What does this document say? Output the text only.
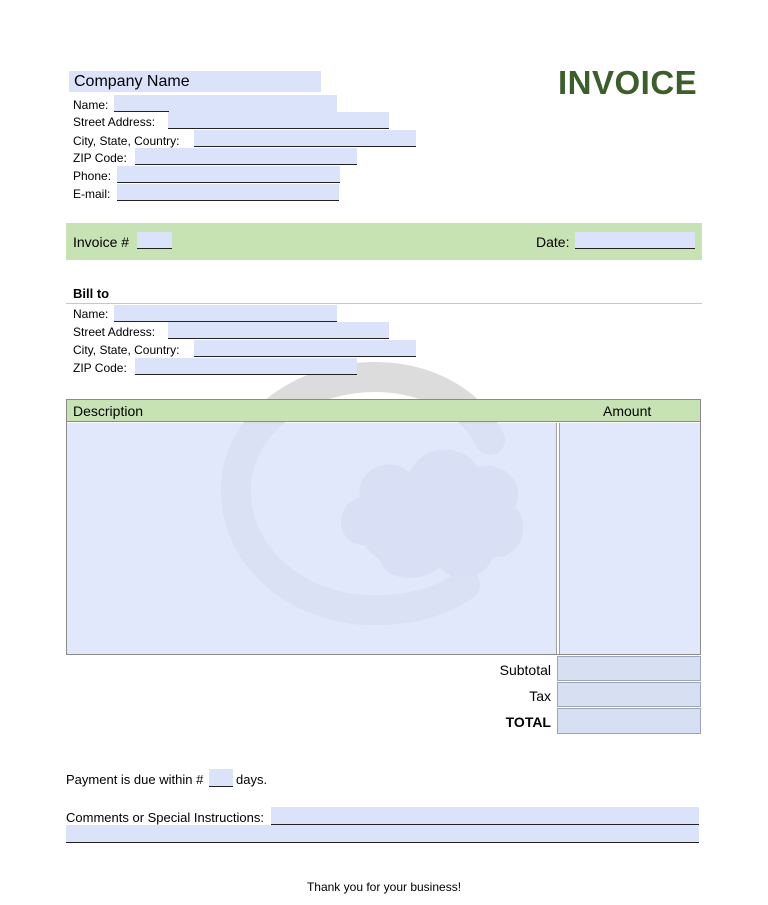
Company Name	INVOICE
Name:
Street Address:
City, State, Country:
ZIP Code:
Phone:
E-mail:
Invoice #	Date:
Bill to
Name:
Street Address:
City, State, Country:
ZIP Code:
Description	Amount
Subtotal
Tax
TOTAL
Payment is due within #	days.
Comments or Special Instructions:
Thank you for your business!
